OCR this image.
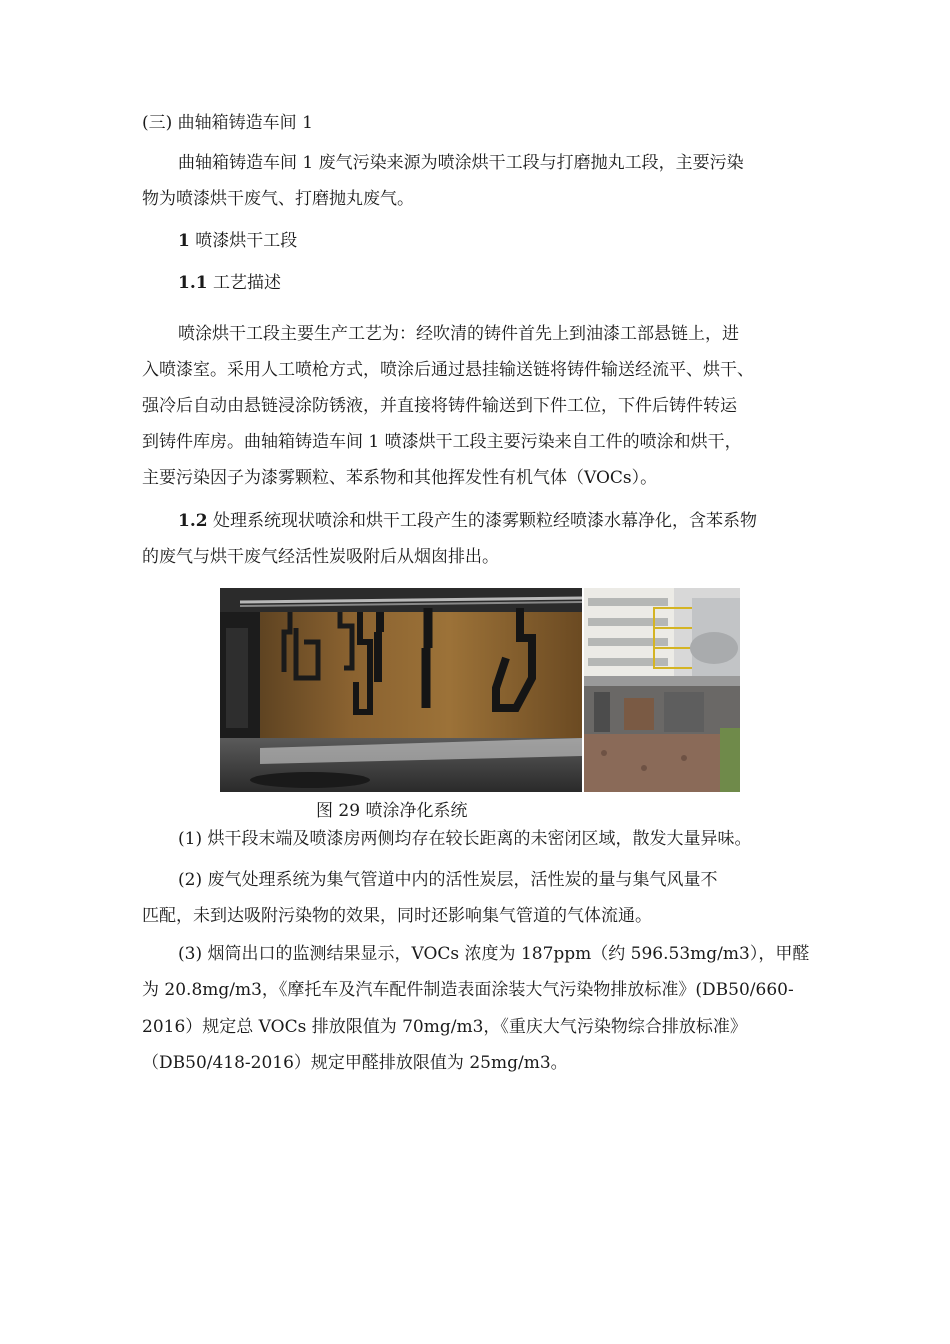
(三) 曲轴箱铸造车间 1
曲轴箱铸造车间 1 废气污染来源为喷涂烘干工段与打磨抛丸工段，主要污染
物为喷漆烘干废气、打磨抛丸废气。
1 喷漆烘干工段
1.1 工艺描述
喷涂烘干工段主要生产工艺为：经吹清的铸件首先上到油漆工部悬链上，进
入喷漆室。采用人工喷枪方式，喷涂后通过悬挂输送链将铸件输送经流平、烘干、
强冷后自动由悬链浸涂防锈液，并直接将铸件输送到下件工位，下件后铸件转运
到铸件库房。曲轴箱铸造车间 1 喷漆烘干工段主要污染来自工件的喷涂和烘干，
主要污染因子为漆雾颗粒、苯系物和其他挥发性有机气体（VOCs）。
1.2 处理系统现状喷涂和烘干工段产生的漆雾颗粒经喷漆水幕净化，含苯系物
的废气与烘干废气经活性炭吸附后从烟囱排出。
图 29 喷涂净化系统
(1) 烘干段末端及喷漆房两侧均存在较长距离的未密闭区域，散发大量异味。
(2) 废气处理系统为集气管道中内的活性炭层，活性炭的量与集气风量不
匹配，未到达吸附污染物的效果，同时还影响集气管道的气体流通。
(3) 烟筒出口的监测结果显示，VOCs 浓度为 187ppm（约 596.53mg/m3），甲醛
为 20.8mg/m3，《摩托车及汽车配件制造表面涂装大气污染物排放标准》(DB50/660-
2016）规定总 VOCs 排放限值为 70mg/m3，《重庆大气污染物综合排放标准》
（DB50/418-2016）规定甲醛排放限值为 25mg/m3。
